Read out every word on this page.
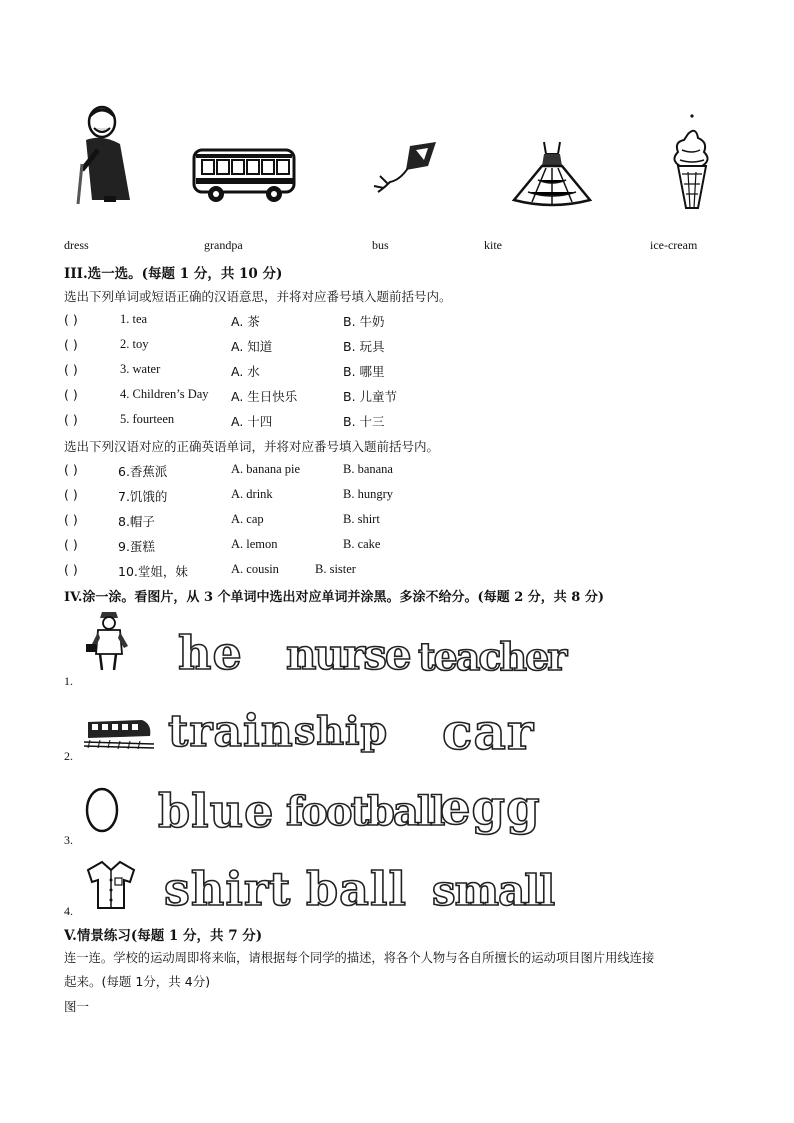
dress	grandpa	bus	kite	ice-cream
III.选一选。(每题 1 分，共 10 分)
选出下列单词或短语正确的汉语意思，并将对应番号填入题前括号内。
( )	1. tea	A. 茶	B. 牛奶
( )	2. toy	A. 知道	B. 玩具
( )	3. water	A. 水	B. 哪里
( )	4. Children’s Day A. 生日快乐	B. 儿童节
( )	5. fourteen	A. 十四	B. 十三
选出下列汉语对应的正确英语单词，并将对应番号填入题前括号内。
( )	6.香蕉派	A. banana pie	B. banana
( )	7.饥饿的	A. drink	B. hungry
( )	8.帽子	A. cap	B. shirt
( )	9.蛋糕	A. lemon	B. cake
( )	10.堂姐，妹	A. cousin	B. sister
IV.涂一涂。看图片，从 3 个单词中选出对应单词并涂黑。多涂不给分。(每题 2 分，共 8 分)
1.
he nurse teacher
2. train ship car
3.
blue football
egg
4. shirt ball small
V.情景练习(每题 1 分，共 7 分)
连一连。学校的运动周即将来临，请根据每个同学的描述，将各个人物与各自所擅长的运动项目图片用线连接
起来。(每题 1分，共 4分)
图一
